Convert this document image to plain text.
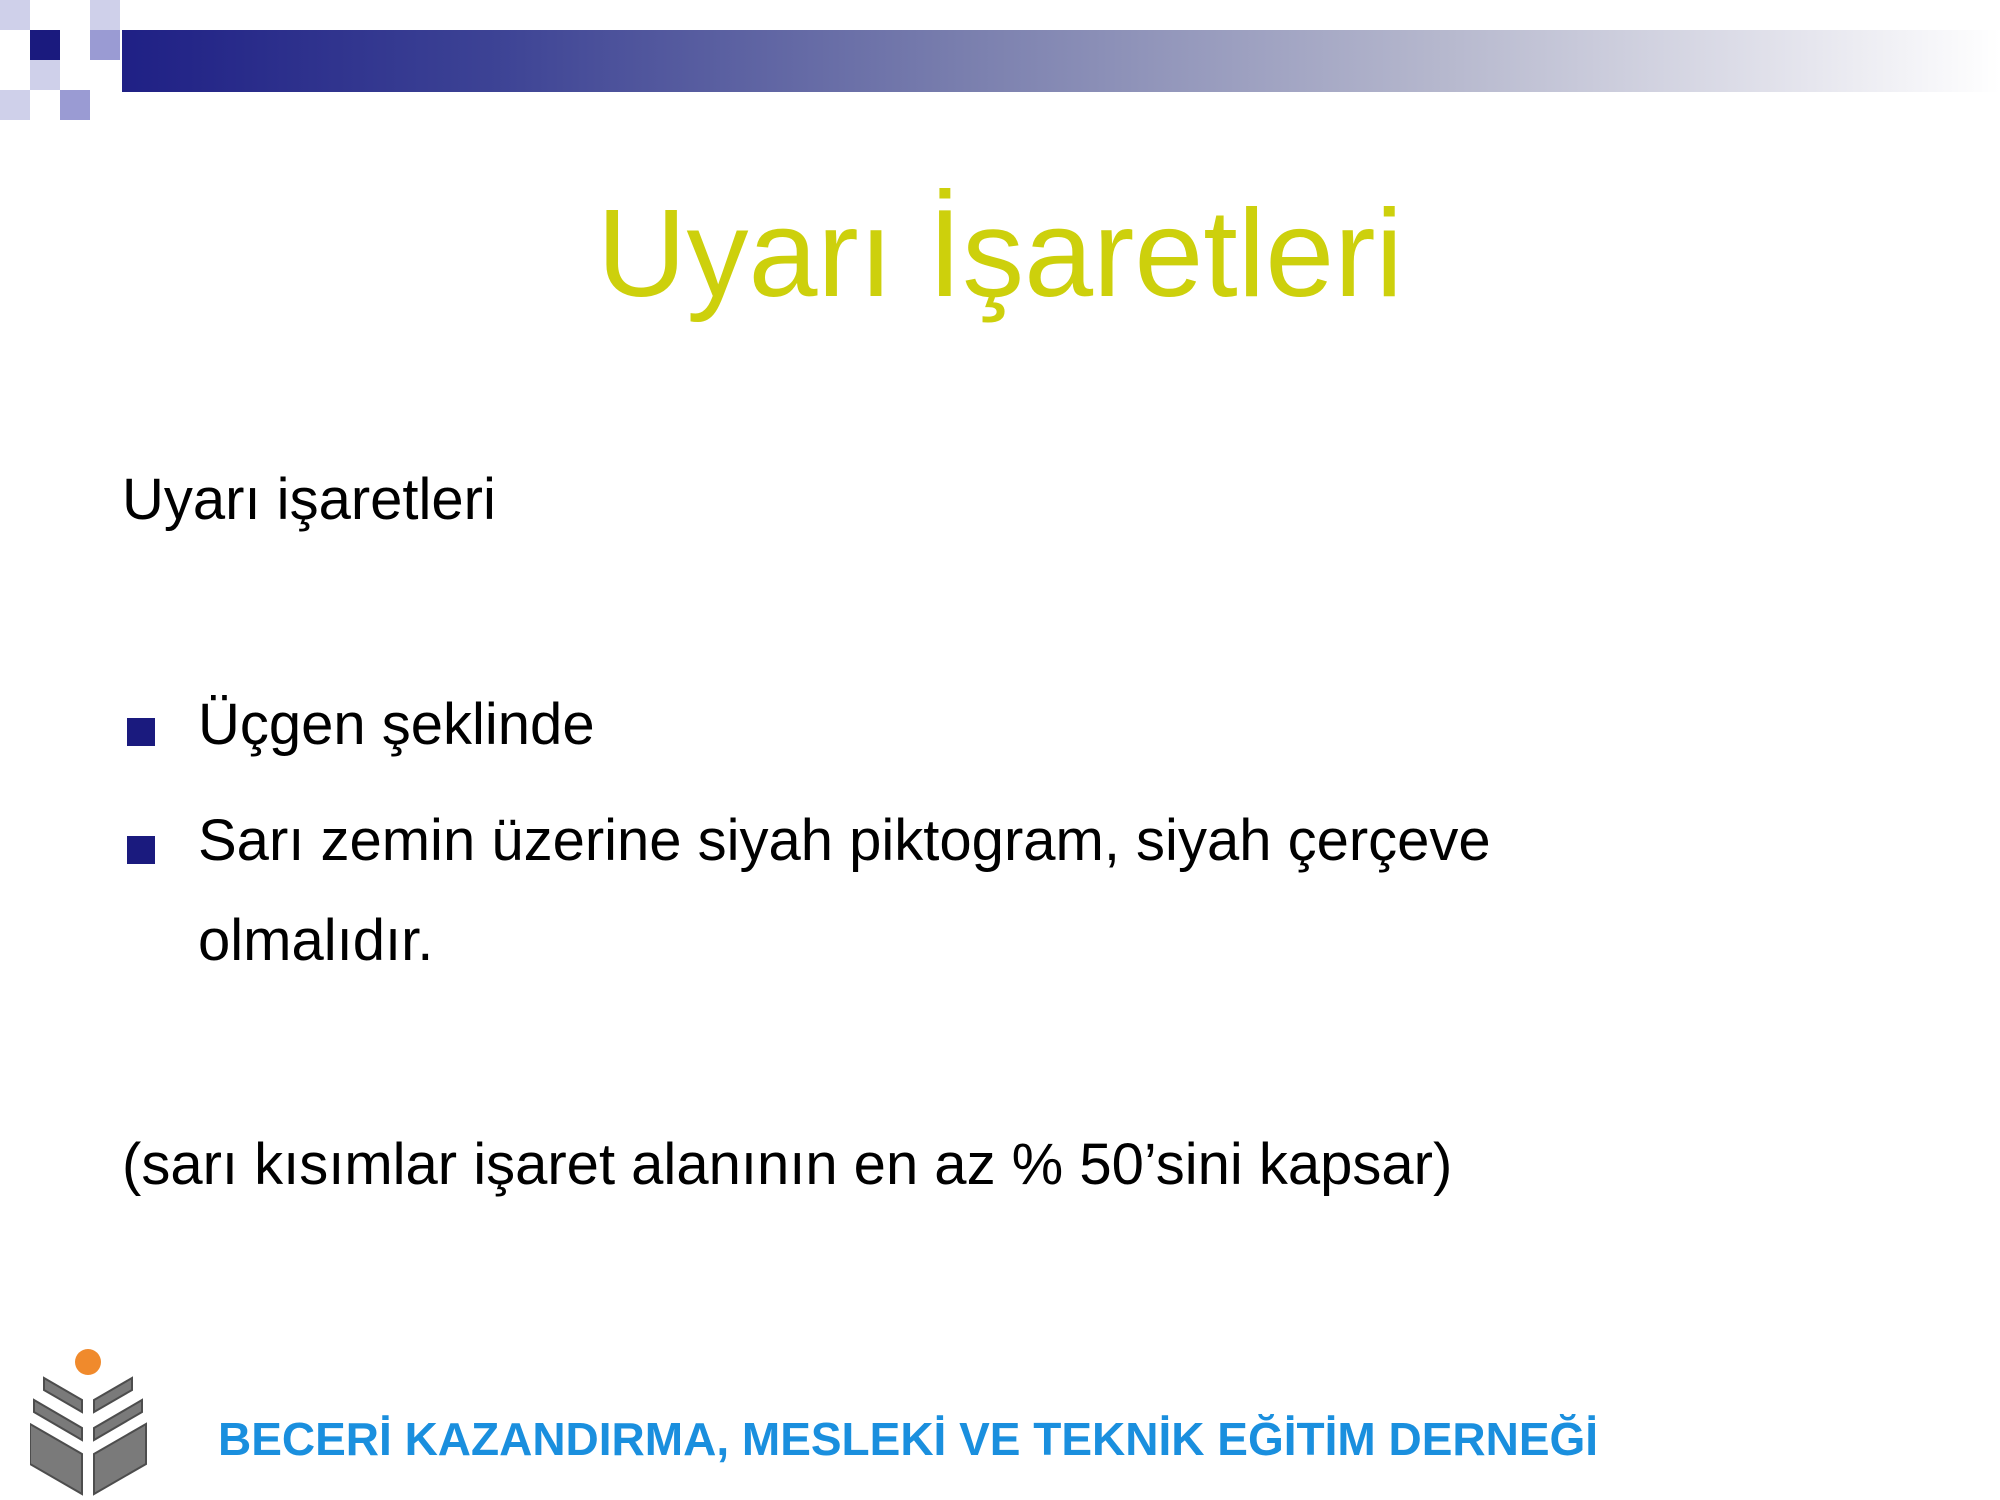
Uyarı İşaretleri
Uyarı işaretleri
Üçgen şeklinde
Sarı zemin üzerine siyah piktogram, siyah çerçeve
olmalıdır.
(sarı kısımlar işaret alanının en az % 50’sini kapsar)
BECERİ KAZANDIRMA, MESLEKİ VE TEKNİK EĞİTİM DERNEĞİ
